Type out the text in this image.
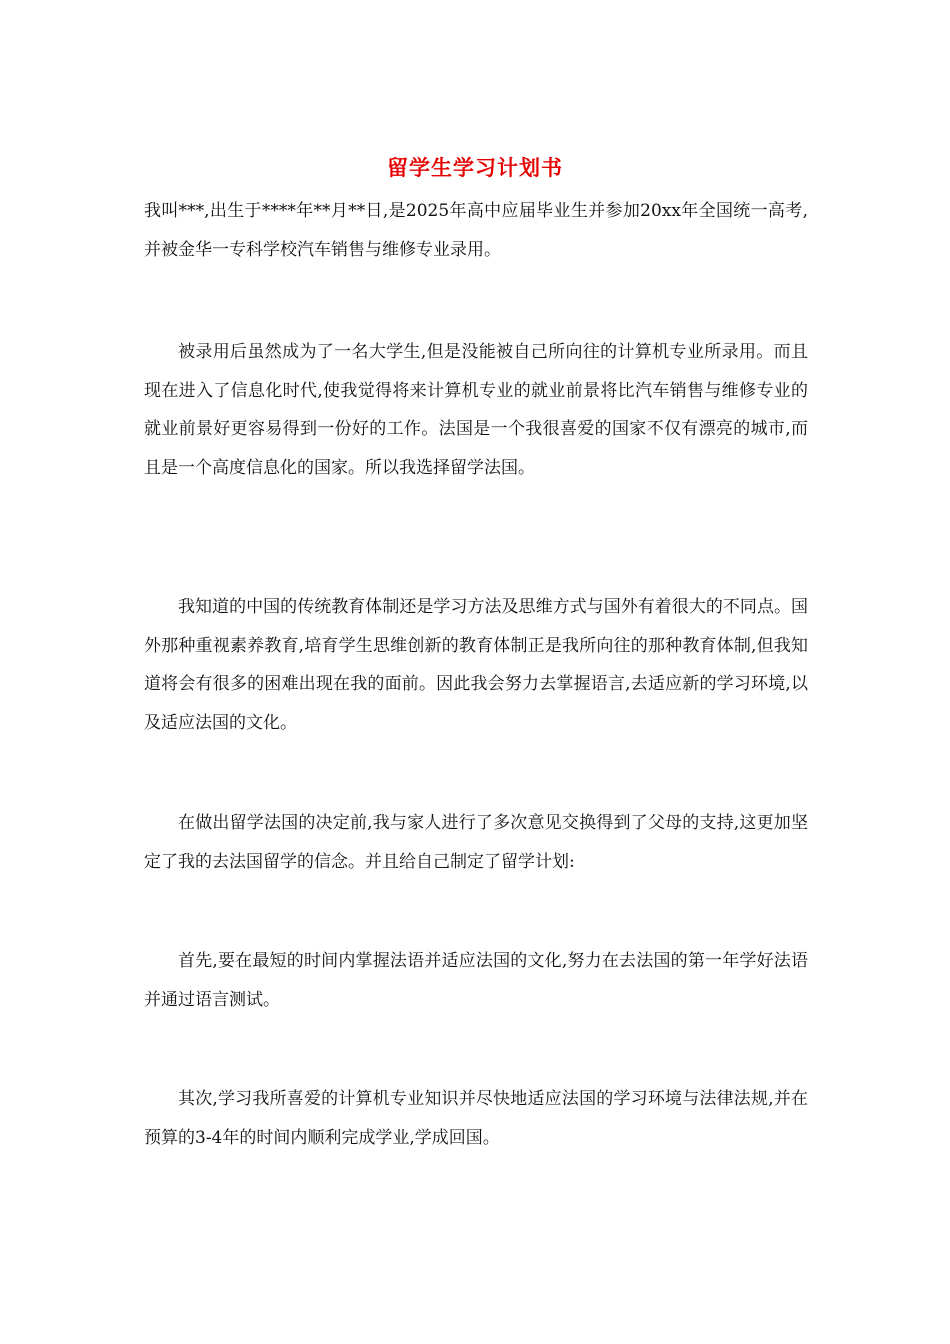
留学生学习计划书

我叫***,出生于****年**月**日,是2025年高中应届毕业生并参加20xx年全国统一高考,并被金华一专科学校汽车销售与维修专业录用。

被录用后虽然成为了一名大学生,但是没能被自己所向往的计算机专业所录用。而且现在进入了信息化时代,使我觉得将来计算机专业的就业前景将比汽车销售与维修专业的就业前景好更容易得到一份好的工作。法国是一个我很喜爱的国家不仅有漂亮的城市,而且是一个高度信息化的国家。所以我选择留学法国。

我知道的中国的传统教育体制还是学习方法及思维方式与国外有着很大的不同点。国外那种重视素养教育,培育学生思维创新的教育体制正是我所向往的那种教育体制,但我知道将会有很多的困难出现在我的面前。因此我会努力去掌握语言,去适应新的学习环境,以及适应法国的文化。

在做出留学法国的决定前,我与家人进行了多次意见交换得到了父母的支持,这更加坚定了我的去法国留学的信念。并且给自己制定了留学计划:

首先,要在最短的时间内掌握法语并适应法国的文化,努力在去法国的第一年学好法语并通过语言测试。

其次,学习我所喜爱的计算机专业知识并尽快地适应法国的学习环境与法律法规,并在预算的3-4年的时间内顺利完成学业,学成回国。
